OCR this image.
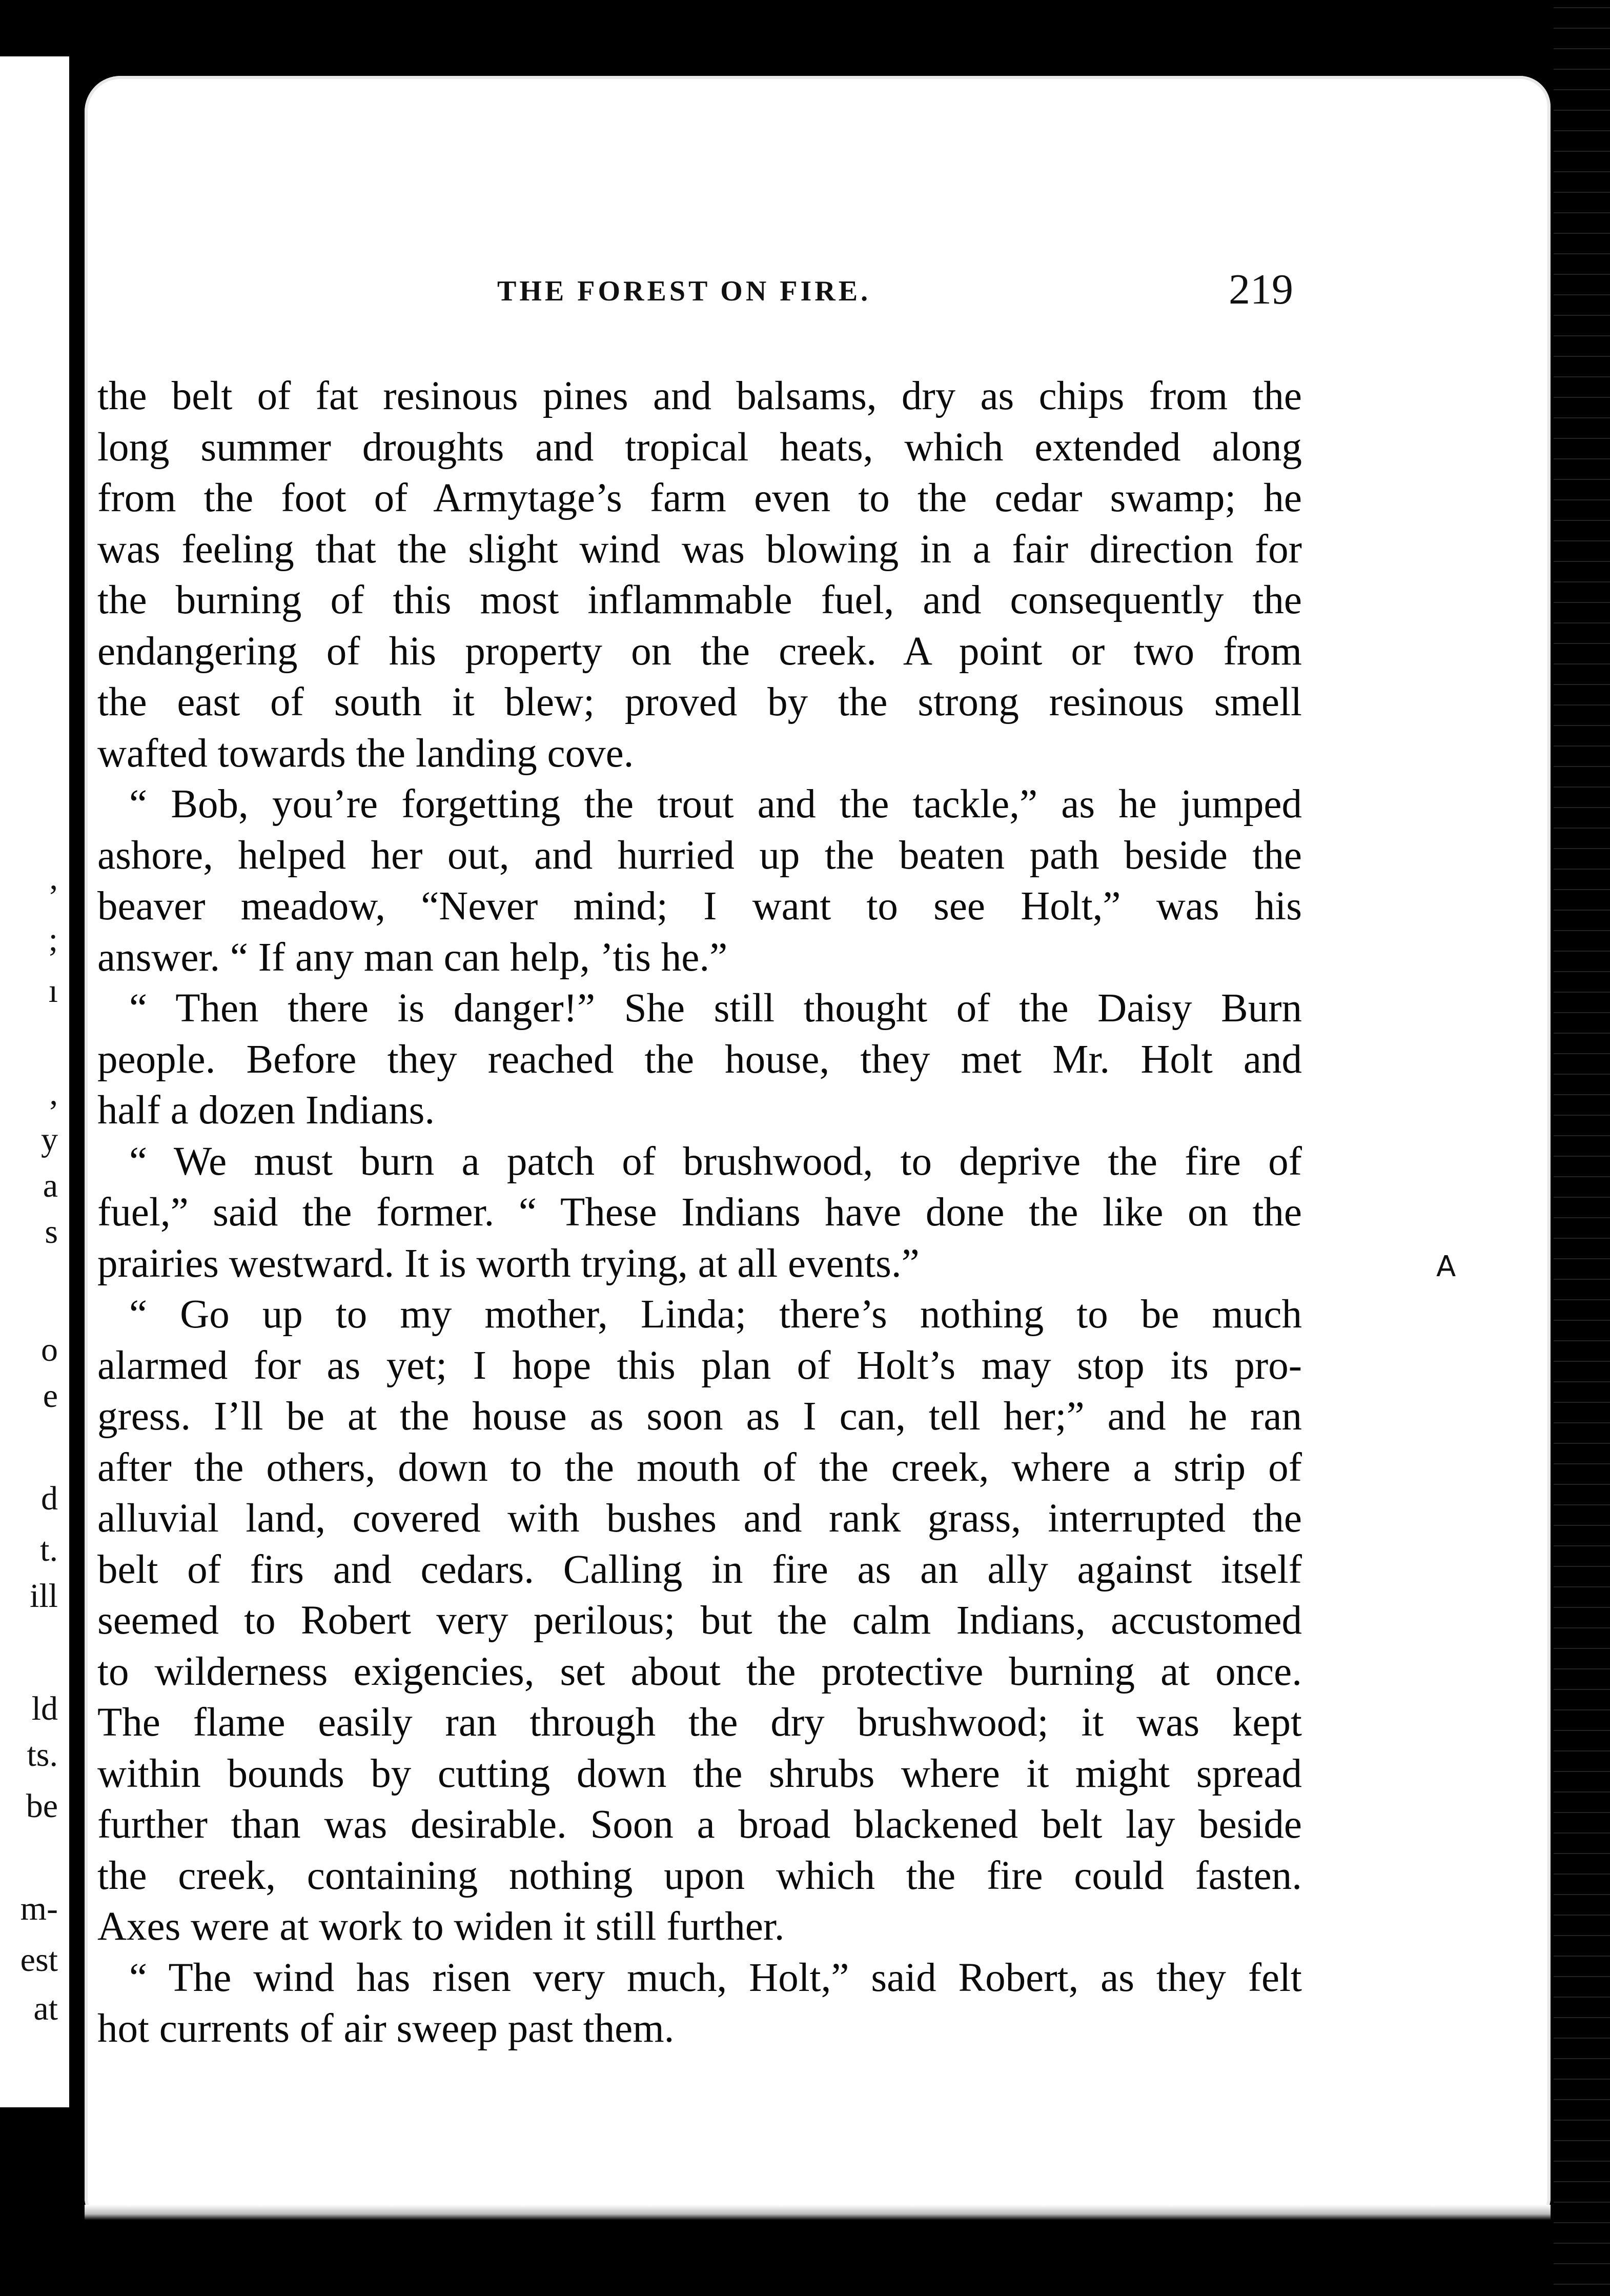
,
;
ı
,
y
a
s
o
e
d
t.
ill
ld
ts.
be
m-
est
at
THE FOREST ON FIRE.	219
the belt of fat resinous pines and balsams, dry as chips from the
long summer droughts and tropical heats, which extended along
from the foot of Armytage’s farm even to the cedar swamp; he
was feeling that the slight wind was blowing in a fair direction for
the burning of this most inflammable fuel, and consequently the
endangering of his property on the creek. A point or two from
the east of south it blew; proved by the strong resinous smell
wafted towards the landing cove.
“ Bob, you’re forgetting the trout and the tackle,” as he jumped
ashore, helped her out, and hurried up the beaten path beside the
beaver meadow, “Never mind; I want to see Holt,” was his
answer. “ If any man can help, ’tis he.”
“ Then there is danger!” She still thought of the Daisy Burn
people. Before they reached the house, they met Mr. Holt and
half a dozen Indians.
“ We must burn a patch of brushwood, to deprive the fire of
fuel,” said the former. “ These Indians have done the like on the
prairies westward. It is worth trying, at all events.”
“ Go up to my mother, Linda; there’s nothing to be much
alarmed for as yet; I hope this plan of Holt’s may stop its pro-
gress. I’ll be at the house as soon as I can, tell her;” and he ran
after the others, down to the mouth of the creek, where a strip of
alluvial land, covered with bushes and rank grass, interrupted the
belt of firs and cedars. Calling in fire as an ally against itself
seemed to Robert very perilous; but the calm Indians, accustomed
to wilderness exigencies, set about the protective burning at once.
The flame easily ran through the dry brushwood; it was kept
within bounds by cutting down the shrubs where it might spread
further than was desirable. Soon a broad blackened belt lay beside
the creek, containing nothing upon which the fire could fasten.
Axes were at work to widen it still further.
“ The wind has risen very much, Holt,” said Robert, as they felt
hot currents of air sweep past them.
A
